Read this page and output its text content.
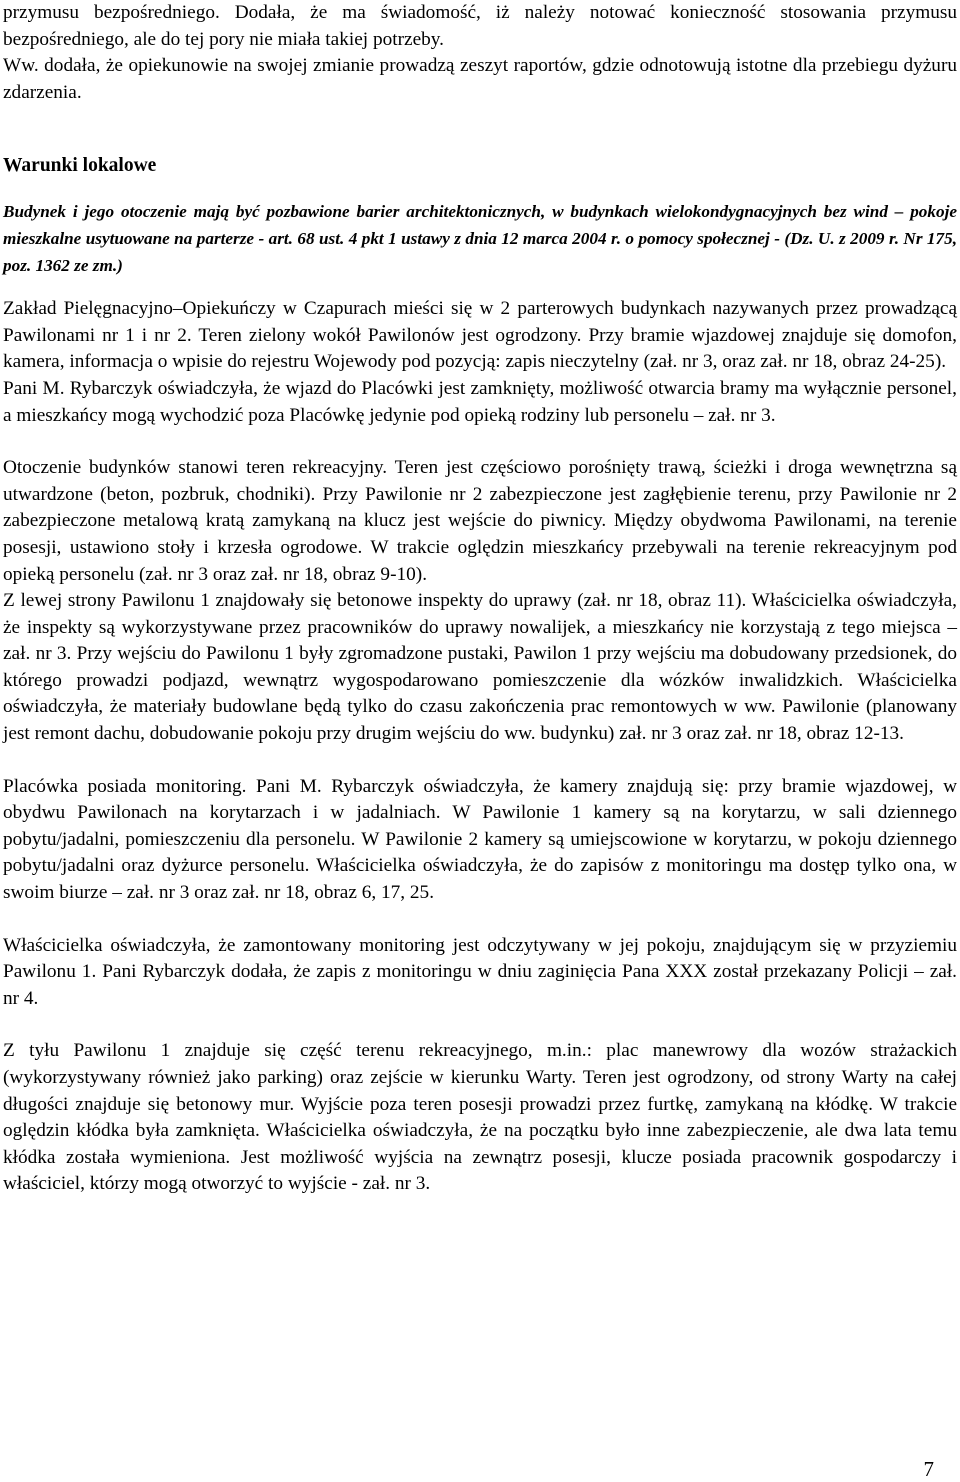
przymusu bezpośredniego. Dodała, że ma świadomość, iż należy notować konieczność stosowania przymusu bezpośredniego, ale do tej pory nie miała takiej potrzeby.

Ww. dodała, że opiekunowie na swojej zmianie prowadzą zeszyt raportów, gdzie odnotowują istotne dla przebiegu dyżuru zdarzenia.

Warunki lokalowe

Budynek i jego otoczenie mają być pozbawione barier architektonicznych, w budynkach wielokondygnacyjnych bez wind – pokoje mieszkalne usytuowane na parterze - art. 68 ust. 4 pkt 1 ustawy z dnia 12 marca 2004 r. o pomocy społecznej - (Dz. U. z 2009 r. Nr 175, poz. 1362 ze zm.)

Zakład Pielęgnacyjno–Opiekuńczy w Czapurach mieści się w 2 parterowych budynkach nazywanych przez prowadzącą Pawilonami nr 1 i nr 2. Teren zielony wokół Pawilonów jest ogrodzony. Przy bramie wjazdowej znajduje się domofon, kamera, informacja o wpisie do rejestru Wojewody pod pozycją: zapis nieczytelny (zał. nr 3, oraz zał. nr 18, obraz 24-25).

Pani M. Rybarczyk oświadczyła, że wjazd do Placówki jest zamknięty, możliwość otwarcia bramy ma wyłącznie personel, a mieszkańcy mogą wychodzić poza Placówkę jedynie pod opieką rodziny lub personelu – zał. nr 3.

Otoczenie budynków stanowi teren rekreacyjny. Teren jest częściowo porośnięty trawą, ścieżki i droga wewnętrzna są utwardzone (beton, pozbruk, chodniki). Przy Pawilonie nr 2 zabezpieczone jest zagłębienie terenu, przy Pawilonie nr 2 zabezpieczone metalową kratą zamykaną na klucz jest wejście do piwnicy. Między obydwoma Pawilonami, na terenie posesji, ustawiono stoły i krzesła ogrodowe. W trakcie oględzin mieszkańcy przebywali na terenie rekreacyjnym pod opieką personelu (zał. nr 3 oraz zał. nr 18, obraz 9-10).

Z lewej strony Pawilonu 1 znajdowały się betonowe inspekty do uprawy (zał. nr 18, obraz 11). Właścicielka oświadczyła, że inspekty są wykorzystywane przez pracowników do uprawy nowalijek, a mieszkańcy nie korzystają z tego miejsca – zał. nr 3. Przy wejściu do Pawilonu 1 były zgromadzone pustaki, Pawilon 1 przy wejściu ma dobudowany przedsionek, do którego prowadzi podjazd, wewnątrz wygospodarowano pomieszczenie dla wózków inwalidzkich. Właścicielka oświadczyła, że materiały budowlane będą tylko do czasu zakończenia prac remontowych w ww. Pawilonie (planowany jest remont dachu, dobudowanie pokoju przy drugim wejściu do ww. budynku) zał. nr 3 oraz zał. nr 18, obraz 12-13.

Placówka posiada monitoring. Pani M. Rybarczyk oświadczyła, że kamery znajdują się: przy bramie wjazdowej, w obydwu Pawilonach na korytarzach i w jadalniach. W Pawilonie 1 kamery są na korytarzu, w sali dziennego pobytu/jadalni, pomieszczeniu dla personelu. W Pawilonie 2 kamery są umiejscowione w korytarzu, w pokoju dziennego pobytu/jadalni oraz dyżurce personelu. Właścicielka oświadczyła, że do zapisów z monitoringu ma dostęp tylko ona, w swoim biurze – zał. nr 3 oraz zał. nr 18, obraz 6, 17, 25.

Właścicielka oświadczyła, że zamontowany monitoring jest odczytywany w jej pokoju, znajdującym się w przyziemiu Pawilonu 1. Pani Rybarczyk dodała, że zapis z monitoringu w dniu zaginięcia Pana XXX został przekazany Policji – zał. nr 4.

Z tyłu Pawilonu 1 znajduje się część terenu rekreacyjnego, m.in.: plac manewrowy dla wozów strażackich (wykorzystywany również jako parking) oraz zejście w kierunku Warty. Teren jest ogrodzony, od strony Warty na całej długości znajduje się betonowy mur. Wyjście poza teren posesji prowadzi przez furtkę, zamykaną na kłódkę. W trakcie oględzin kłódka była zamknięta. Właścicielka oświadczyła, że na początku było inne zabezpieczenie, ale dwa lata temu kłódka została wymieniona. Jest możliwość wyjścia na zewnątrz posesji, klucze posiada pracownik gospodarczy i właściciel, którzy mogą otworzyć to wyjście - zał. nr 3.

7
